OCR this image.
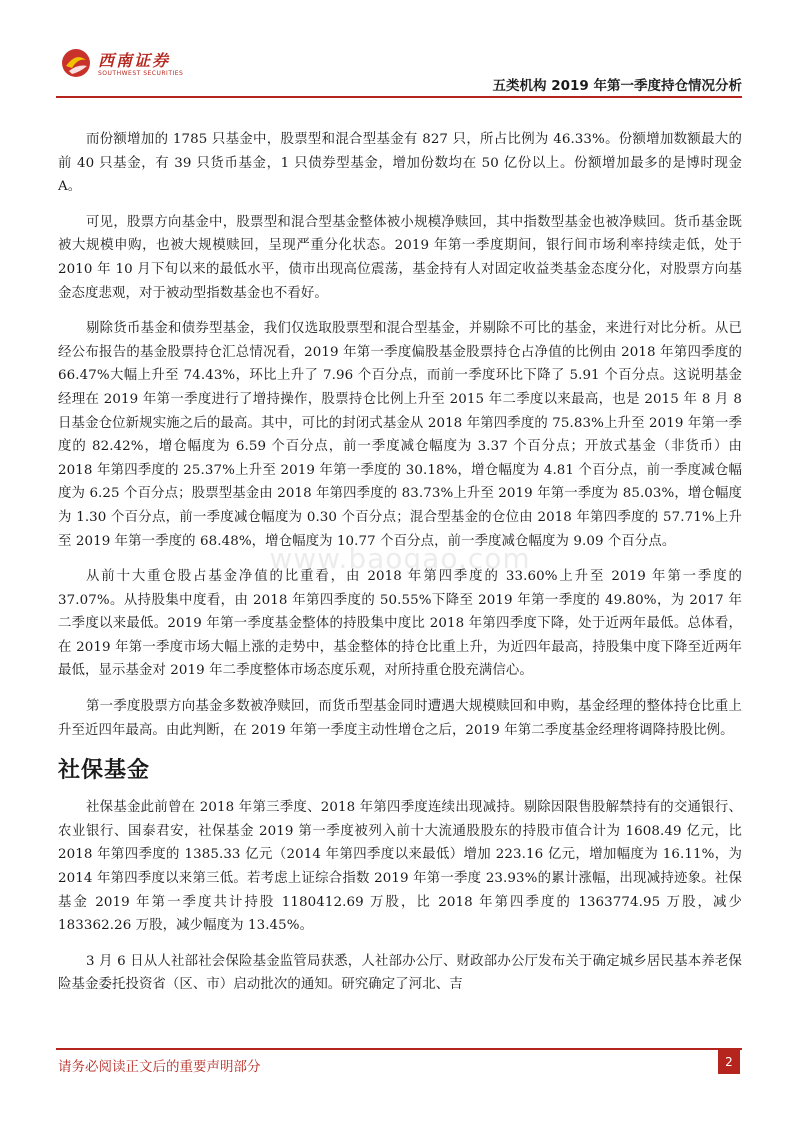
西南证券
SOUTHWEST SECURITIES
五类机构 2019 年第一季度持仓情况分析
www.baogao.com

而份额增加的 1785 只基金中，股票型和混合型基金有 827 只，所占比例为 46.33%。份额增加数额最大的前 40 只基金，有 39 只货币基金，1 只债券型基金，增加份数均在 50 亿份以上。份额增加最多的是博时现金 A。

可见，股票方向基金中，股票型和混合型基金整体被小规模净赎回，其中指数型基金也被净赎回。货币基金既被大规模申购，也被大规模赎回，呈现严重分化状态。2019 年第一季度期间，银行间市场利率持续走低，处于 2010 年 10 月下旬以来的最低水平，债市出现高位震荡，基金持有人对固定收益类基金态度分化，对股票方向基金态度悲观，对于被动型指数基金也不看好。

剔除货币基金和债券型基金，我们仅选取股票型和混合型基金，并剔除不可比的基金，来进行对比分析。从已经公布报告的基金股票持仓汇总情况看，2019 年第一季度偏股基金股票持仓占净值的比例由 2018 年第四季度的 66.47%大幅上升至 74.43%，环比上升了 7.96 个百分点，而前一季度环比下降了 5.91 个百分点。这说明基金经理在 2019 年第一季度进行了增持操作，股票持仓比例上升至 2015 年二季度以来最高，也是 2015 年 8 月 8 日基金仓位新规实施之后的最高。其中，可比的封闭式基金从 2018 年第四季度的 75.83%上升至 2019 年第一季度的 82.42%，增仓幅度为 6.59 个百分点，前一季度减仓幅度为 3.37 个百分点；开放式基金（非货币）由 2018 年第四季度的 25.37%上升至 2019 年第一季度的 30.18%，增仓幅度为 4.81 个百分点，前一季度减仓幅度为 6.25 个百分点；股票型基金由 2018 年第四季度的 83.73%上升至 2019 年第一季度为 85.03%，增仓幅度为 1.30 个百分点，前一季度减仓幅度为 0.30 个百分点；混合型基金的仓位由 2018 年第四季度的 57.71%上升至 2019 年第一季度的 68.48%，增仓幅度为 10.77 个百分点，前一季度减仓幅度为 9.09 个百分点。

从前十大重仓股占基金净值的比重看，由 2018 年第四季度的 33.60%上升至 2019 年第一季度的 37.07%。从持股集中度看，由 2018 年第四季度的 50.55%下降至 2019 年第一季度的 49.80%，为 2017 年二季度以来最低。2019 年第一季度基金整体的持股集中度比 2018 年第四季度下降，处于近两年最低。总体看，在 2019 年第一季度市场大幅上涨的走势中，基金整体的持仓比重上升，为近四年最高，持股集中度下降至近两年最低，显示基金对 2019 年二季度整体市场态度乐观，对所持重仓股充满信心。

第一季度股票方向基金多数被净赎回，而货币型基金同时遭遇大规模赎回和申购，基金经理的整体持仓比重上升至近四年最高。由此判断，在 2019 年第一季度主动性增仓之后，2019 年第二季度基金经理将调降持股比例。

社保基金

社保基金此前曾在 2018 年第三季度、2018 年第四季度连续出现减持。剔除因限售股解禁持有的交通银行、农业银行、国泰君安，社保基金 2019 第一季度被列入前十大流通股股东的持股市值合计为 1608.49 亿元，比 2018 年第四季度的 1385.33 亿元（2014 年第四季度以来最低）增加 223.16 亿元，增加幅度为 16.11%，为 2014 年第四季度以来第三低。若考虑上证综合指数 2019 年第一季度 23.93%的累计涨幅，出现减持迹象。社保基金 2019 年第一季度共计持股 1180412.69 万股，比 2018 年第四季度的 1363774.95 万股，减少 183362.26 万股，减少幅度为 13.45%。

3 月 6 日从人社部社会保险基金监管局获悉，人社部办公厅、财政部办公厅发布关于确定城乡居民基本养老保险基金委托投资省（区、市）启动批次的通知。研究确定了河北、吉

请务必阅读正文后的重要声明部分	2
